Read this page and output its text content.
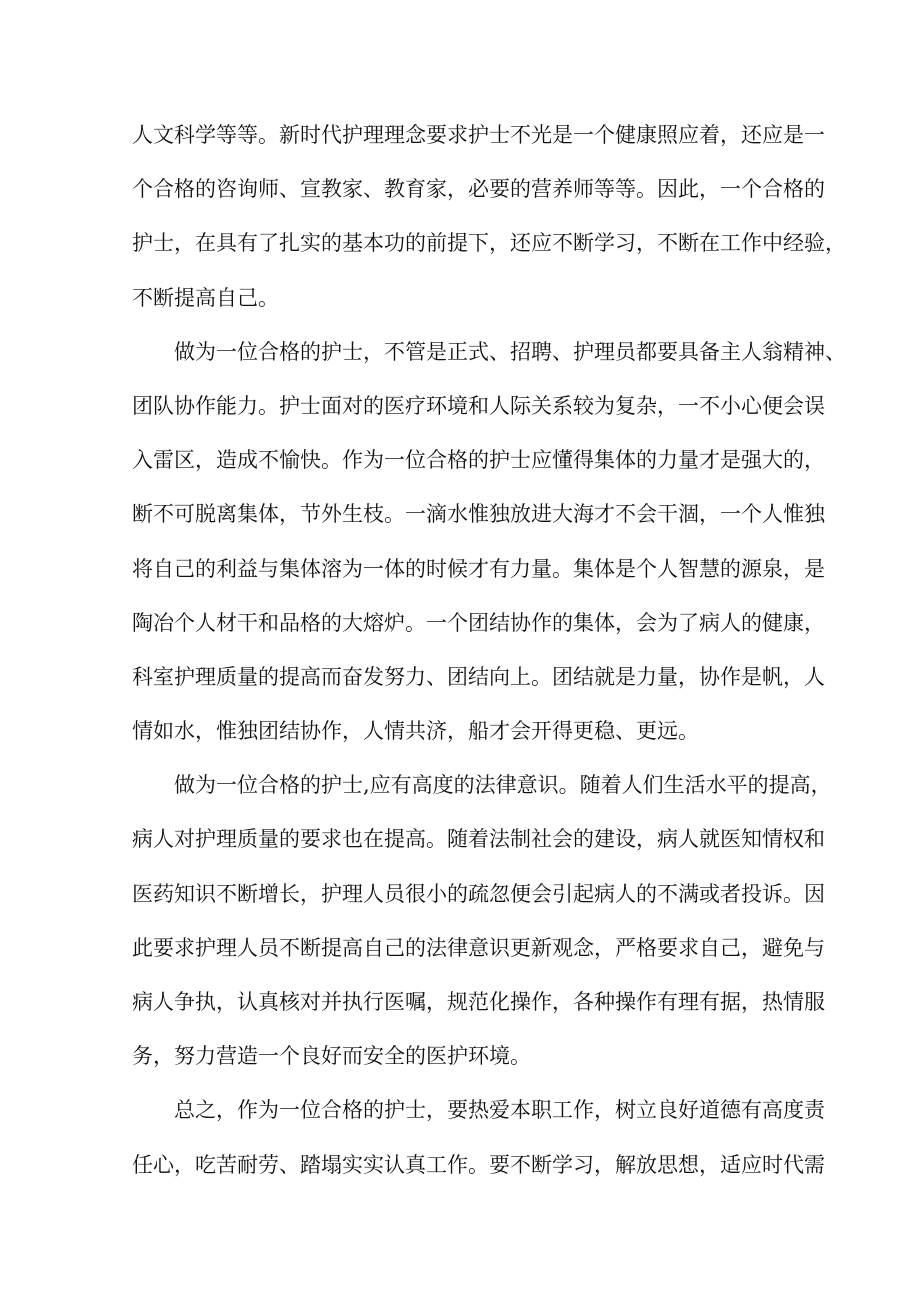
人文科学等等。新时代护理理念要求护士不光是一个健康照应着，还应是一
个合格的咨询师、宣教家、教育家，必要的营养师等等。因此，一个合格的
护士，在具有了扎实的基本功的前提下，还应不断学习，不断在工作中经验，
不断提高自己。
　　做为一位合格的护士，不管是正式、招聘、护理员都要具备主人翁精神、
团队协作能力。护士面对的医疗环境和人际关系较为复杂，一不小心便会误
入雷区，造成不愉快。作为一位合格的护士应懂得集体的力量才是强大的，
断不可脱离集体，节外生枝。一滴水惟独放进大海才不会干涸，一个人惟独
将自己的利益与集体溶为一体的时候才有力量。集体是个人智慧的源泉，是
陶冶个人材干和品格的大熔炉。一个团结协作的集体，会为了病人的健康，
科室护理质量的提高而奋发努力、团结向上。团结就是力量，协作是帆，人
情如水，惟独团结协作，人情共济，船才会开得更稳、更远。
　　做为一位合格的护士,应有高度的法律意识。随着人们生活水平的提高，
病人对护理质量的要求也在提高。随着法制社会的建设，病人就医知情权和
医药知识不断增长，护理人员很小的疏忽便会引起病人的不满或者投诉。因
此要求护理人员不断提高自己的法律意识更新观念，严格要求自己，避免与
病人争执，认真核对并执行医嘱，规范化操作，各种操作有理有据，热情服
务，努力营造一个良好而安全的医护环境。
　　总之，作为一位合格的护士，要热爱本职工作，树立良好道德有高度责
任心，吃苦耐劳、踏塌实实认真工作。要不断学习，解放思想，适应时代需
